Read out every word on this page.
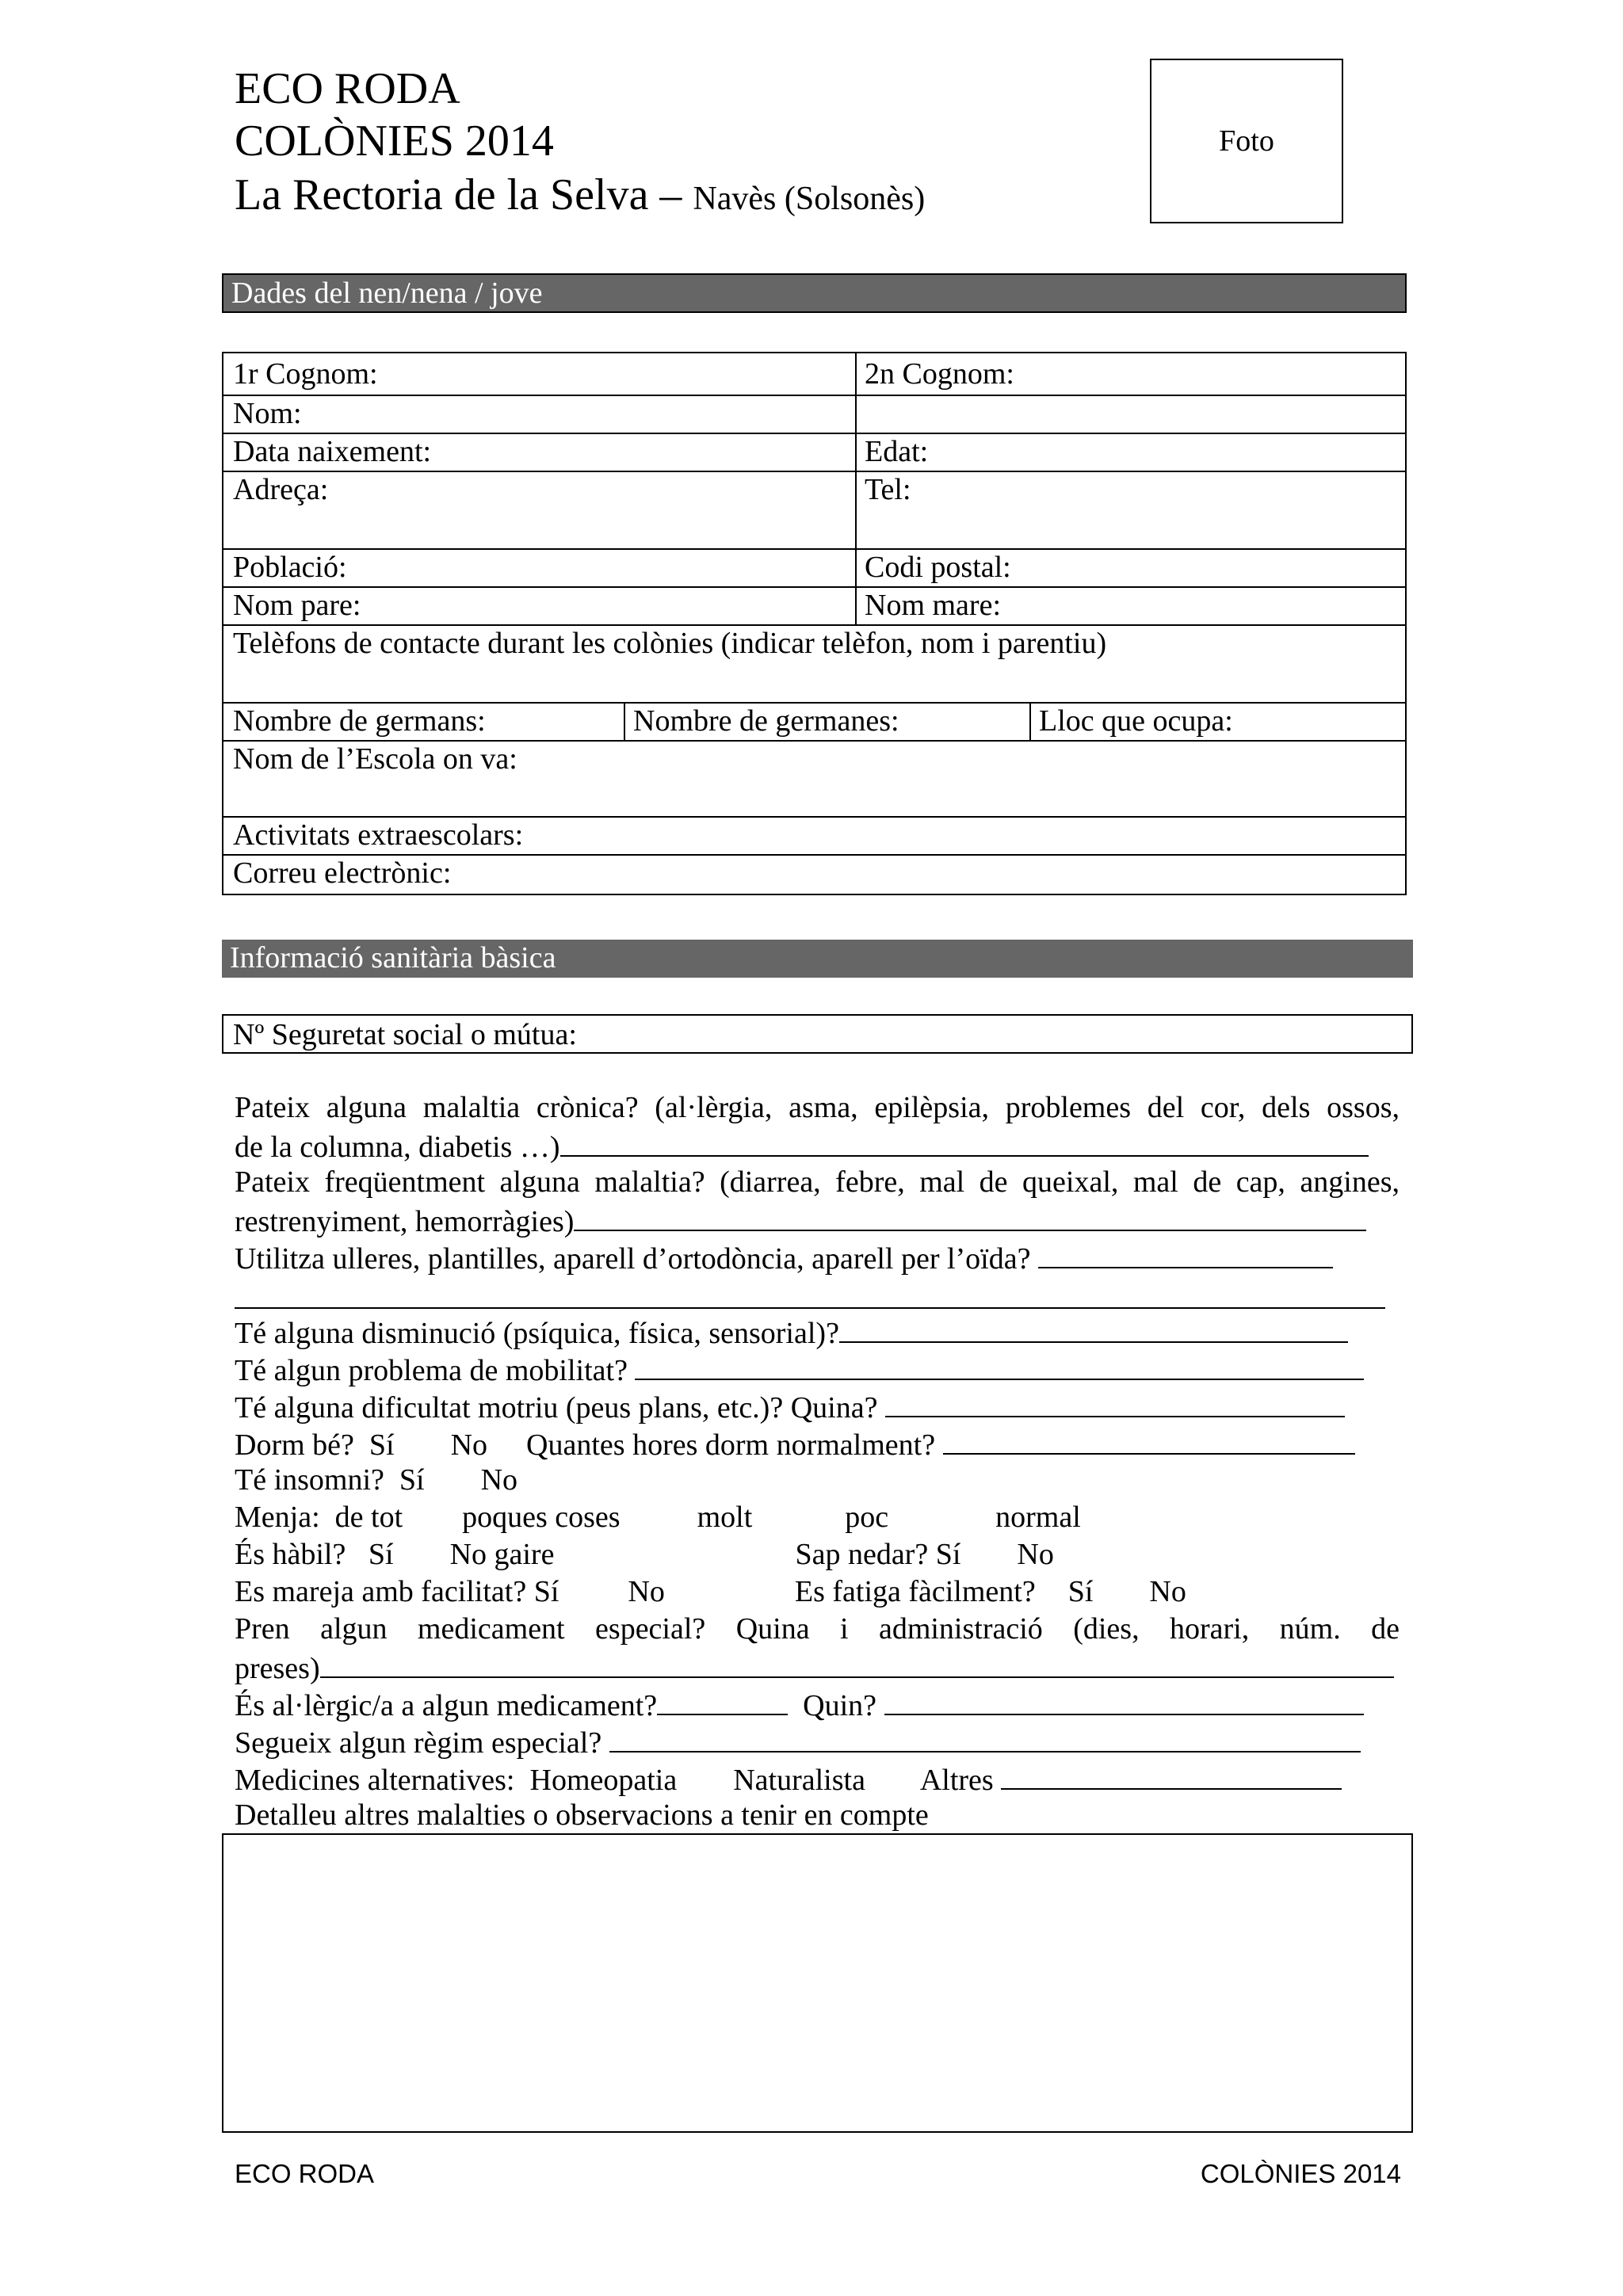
ECO RODA
COLÒNIES 2014
La Rectoria de la Selva – Navès (Solsonès)
Foto
Dades del nen/nena / jove
1r Cognom:	2n Cognom:
Nom:
Data naixement:	Edat:
Adreça:	Tel:
Població:	Codi postal:
Nom pare:	Nom mare:
Telèfons de contacte durant les colònies (indicar telèfon, nom i parentiu)
Nombre de germans:	Nombre de germanes:	Lloc que ocupa:
Nom de l’Escola on va:
Activitats extraescolars:
Correu electrònic:
Informació sanitària bàsica
Nº Seguretat social o mútua:
Pateix alguna malaltia crònica? (al·lèrgia, asma, epilèpsia, problemes del cor, dels ossos,
de la columna, diabetis …)
Pateix freqüentment alguna malaltia? (diarrea, febre, mal de queixal, mal de cap, angines,
restrenyiment, hemorràgies)
Utilitza ulleres, plantilles, aparell d’ortodòncia, aparell per l’oïda?
Té alguna disminució (psíquica, física, sensorial)?
Té algun problema de mobilitat?
Té alguna dificultat motriu (peus plans, etc.)? Quina?
Dorm bé? Sí No Quantes hores dorm normalment?
Té insomni? Sí No
Menja: de tot poques coses	molt	poc	normal
És hàbil? Sí No gaire	Sap nedar? Sí No
Es mareja amb facilitat? Sí No	Es fatiga fàcilment? Sí No
Pren algun medicament especial? Quina i administració (dies, horari, núm. de
preses)
És al·lèrgic/a a algun medicament?	Quin?
Segueix algun règim especial?
Medicines alternatives: Homeopatia Naturalista Altres
Detalleu altres malalties o observacions a tenir en compte
ECO RODA	COLÒNIES 2014
